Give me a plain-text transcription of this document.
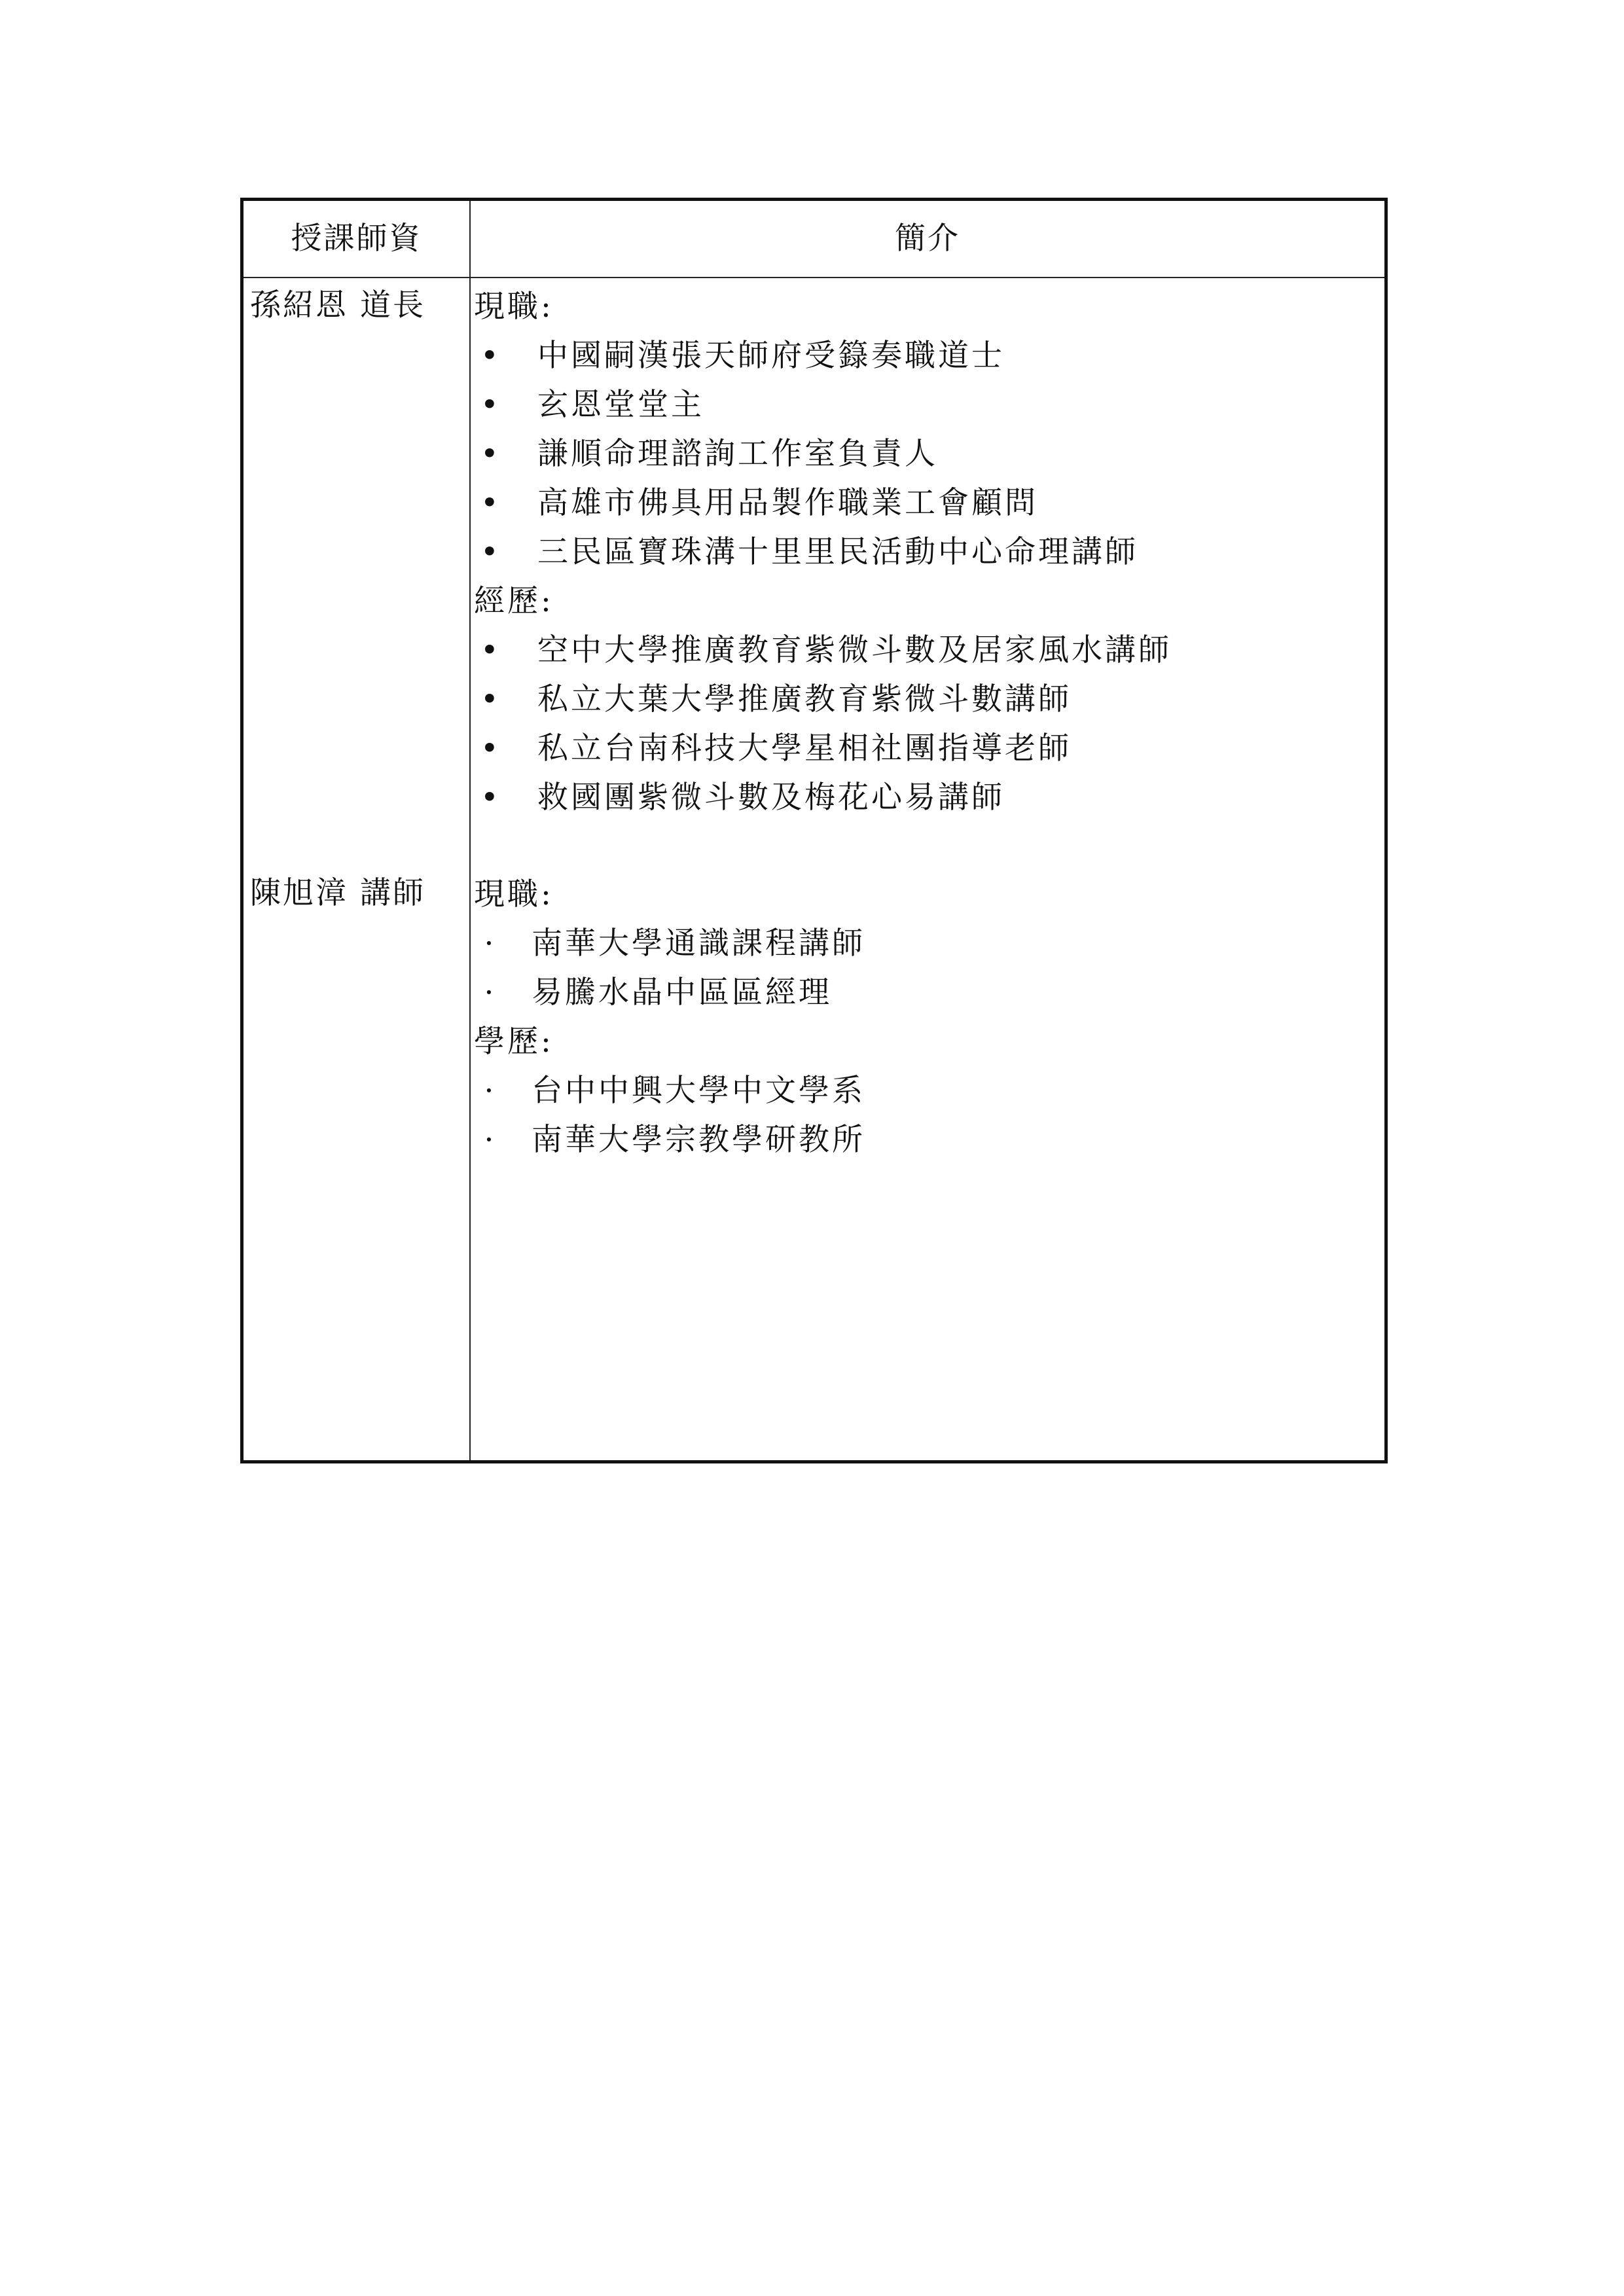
授課師資	簡介
孫紹恩 道長	現職:
• 中國嗣漢張天師府受籙奏職道士
• 玄恩堂堂主
• 謙順命理諮詢工作室負責人
• 高雄市佛具用品製作職業工會顧問
• 三民區寶珠溝十里里民活動中心命理講師
經歷:
• 空中大學推廣教育紫微斗數及居家風水講師
• 私立大葉大學推廣教育紫微斗數講師
• 私立台南科技大學星相社團指導老師
• 救國團紫微斗數及梅花心易講師
陳旭漳 講師	現職:
· 南華大學通識課程講師
· 易騰水晶中區區經理
學歷:
· 台中中興大學中文學系
· 南華大學宗教學研教所
